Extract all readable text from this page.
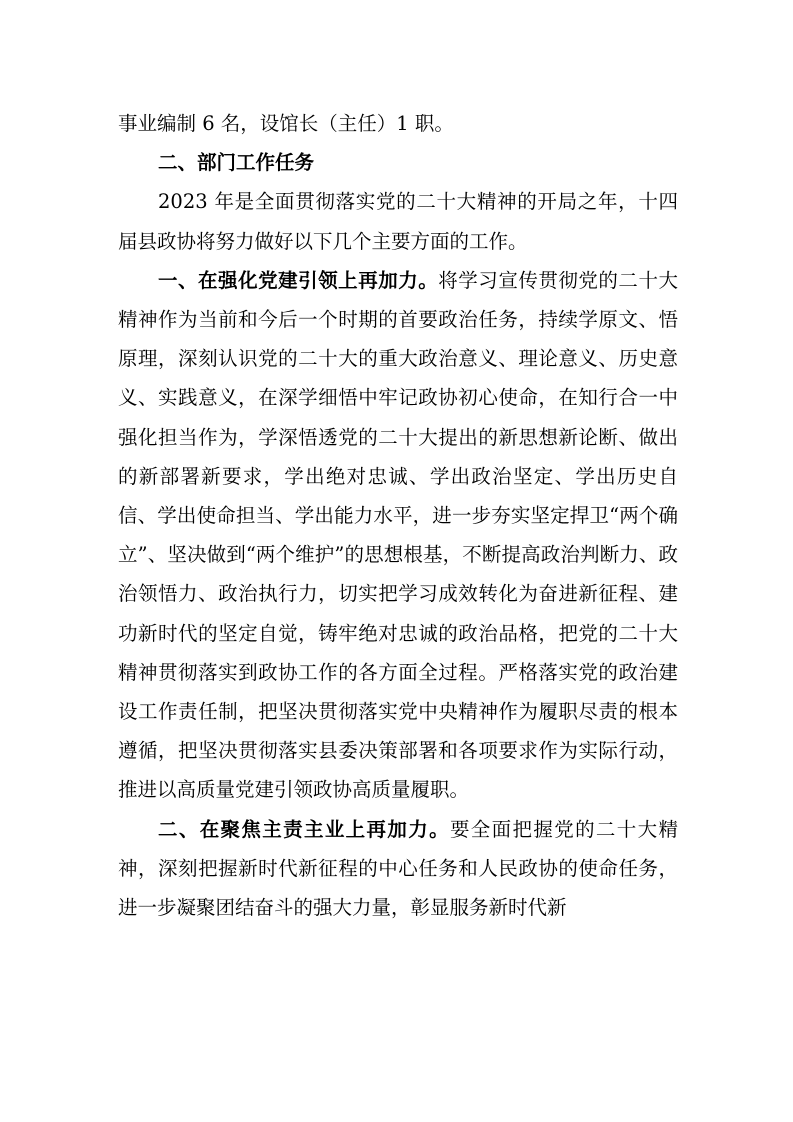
事业编制 6 名，设馆长（主任）1 职。

二、部门工作任务

2023 年是全面贯彻落实党的二十大精神的开局之年，十四届县政协将努力做好以下几个主要方面的工作。

一、在强化党建引领上再加力。将学习宣传贯彻党的二十大精神作为当前和今后一个时期的首要政治任务，持续学原文、悟原理，深刻认识党的二十大的重大政治意义、理论意义、历史意义、实践意义，在深学细悟中牢记政协初心使命，在知行合一中强化担当作为，学深悟透党的二十大提出的新思想新论断、做出的新部署新要求，学出绝对忠诚、学出政治坚定、学出历史自信、学出使命担当、学出能力水平，进一步夯实坚定捍卫“两个确立”、坚决做到“两个维护”的思想根基，不断提高政治判断力、政治领悟力、政治执行力，切实把学习成效转化为奋进新征程、建功新时代的坚定自觉，铸牢绝对忠诚的政治品格，把党的二十大精神贯彻落实到政协工作的各方面全过程。严格落实党的政治建设工作责任制，把坚决贯彻落实党中央精神作为履职尽责的根本遵循，把坚决贯彻落实县委决策部署和各项要求作为实际行动，推进以高质量党建引领政协高质量履职。

二、在聚焦主责主业上再加力。要全面把握党的二十大精神，深刻把握新时代新征程的中心任务和人民政协的使命任务，进一步凝聚团结奋斗的强大力量，彰显服务新时代新
